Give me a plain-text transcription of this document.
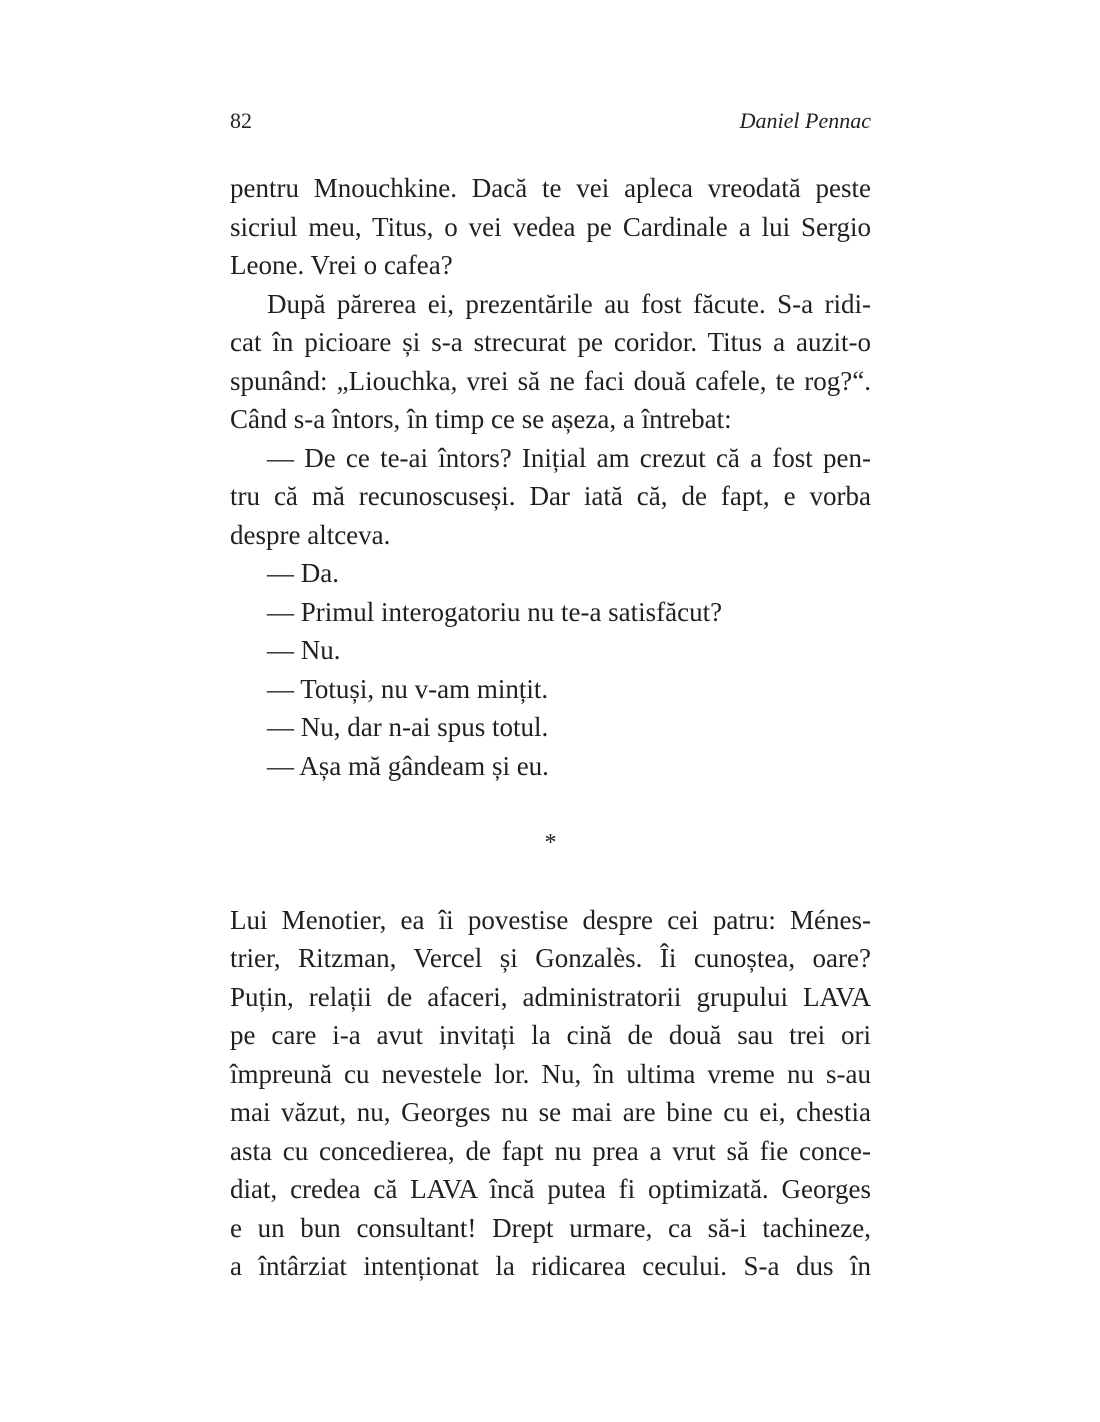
82	Daniel Pennac
pentru Mnouchkine. Dacă te vei apleca vreodată peste
sicriul meu, Titus, o vei vedea pe Cardinale a lui Sergio
Leone. Vrei o cafea?
După părerea ei, prezentările au fost făcute. S-a ridi-
cat în picioare și s-a strecurat pe coridor. Titus a auzit-o
spunând: „Liouchka, vrei să ne faci două cafele, te rog?“.
Când s-a întors, în timp ce se așeza, a întrebat:
— De ce te-ai întors? Inițial am crezut că a fost pen-
tru că mă recunoscuseși. Dar iată că, de fapt, e vorba
despre altceva.
— Da.
— Primul interogatoriu nu te-a satisfăcut?
— Nu.
— Totuși, nu v-am mințit.
— Nu, dar n-ai spus totul.
— Așa mă gândeam și eu.
*
Lui Menotier, ea îi povestise despre cei patru: Ménes-
trier, Ritzman, Vercel și Gonzalès. Îi cunoștea, oare?
Puțin, relații de afaceri, administratorii grupului LAVA
pe care i-a avut invitați la cină de două sau trei ori
împreună cu nevestele lor. Nu, în ultima vreme nu s-au
mai văzut, nu, Georges nu se mai are bine cu ei, chestia
asta cu concedierea, de fapt nu prea a vrut să fie conce-
diat, credea că LAVA încă putea fi optimizată. Georges
e un bun consultant! Drept urmare, ca să-i tachineze,
a întârziat intenționat la ridicarea cecului. S-a dus în
